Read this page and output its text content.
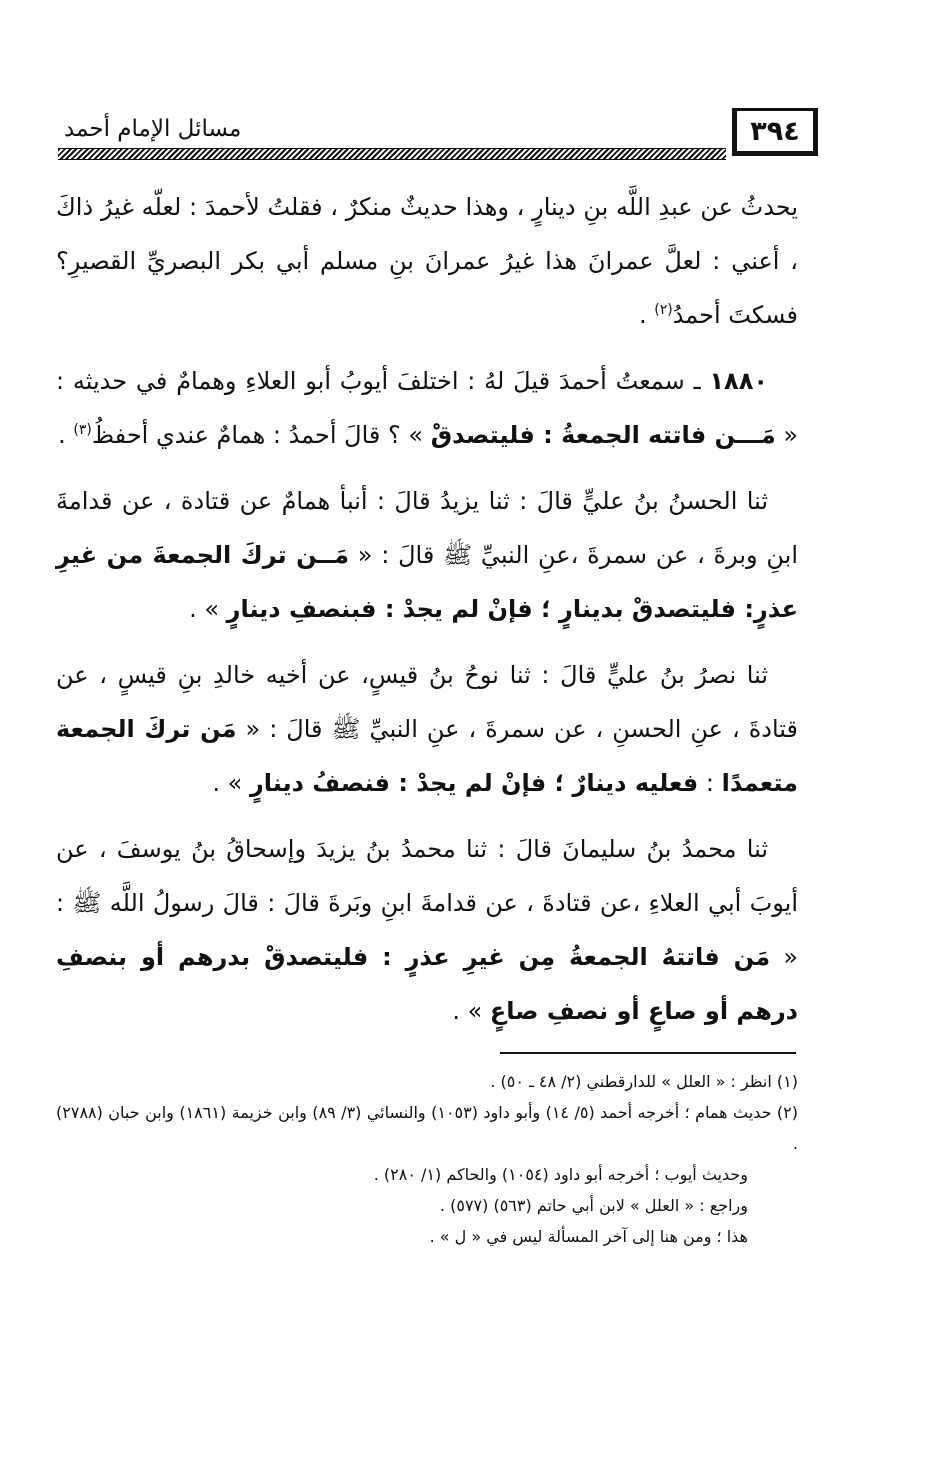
٣٩٤
مسائل الإمام أحمد

يحدثُ عن عبدِ اللَّه بنِ دينارٍ ، وهذا حديثٌ منكرٌ ، فقلتُ لأحمدَ : لعلّه غيرُ ذاكَ ، أعني : لعلَّ عمرانَ هذا غيرُ عمرانَ بنِ مسلم أبي بكر البصريِّ القصيرِ؟ فسكتَ أحمدُ$^{(٢)}$ .

١٨٨٠ ـ سمعتُ أحمدَ قيلَ لهُ : اختلفَ أيوبُ أبو العلاءِ وهمامٌ في حديثه : « مَـــن فاتته الجمعةُ : فليتصدقْ » ؟ قالَ أحمدُ : همامٌ عندي أحفظُ$^{(٣)}$ .

ثنا الحسنُ بنُ عليٍّ قالَ : ثنا يزيدُ قالَ : أنبأ همامٌ عن قتادة ، عن قدامةَ ابنِ وبرةَ ، عن سمرةَ ،عنِ النبيِّ ﷺ قالَ : « مَــن تركَ الجمعةَ من غيرِ عذرٍ: فليتصدقْ بدينارٍ ؛ فإنْ لم يجدْ : فبنصفِ دينارٍ » .

ثنا نصرُ بنُ عليٍّ قالَ : ثنا نوحُ بنُ قيسٍ، عن أخيه خالدِ بنِ قيسٍ ، عن قتادةَ ، عنِ الحسنِ ، عن سمرةَ ، عنِ النبيِّ ﷺ قالَ : « مَن تركَ الجمعة متعمدًا : فعليه دينارٌ ؛ فإنْ لم يجدْ : فنصفُ دينارٍ » .

ثنا محمدُ بنُ سليمانَ قالَ : ثنا محمدُ بنُ يزيدَ وإسحاقُ بنُ يوسفَ ، عن أيوبَ أبي العلاءِ ،عن قتادةَ ، عن قدامةَ ابنِ وبَرةَ قالَ : قالَ رسولُ اللَّه ﷺ : « مَن فاتتهُ الجمعةُ مِن غيرِ عذرٍ : فليتصدقْ بدرهم أو بنصفِ درهم أو صاعٍ أو نصفِ صاعٍ » .

(١) انظر : « العلل » للدارقطني (٢/ ٤٨ ـ ٥٠) .

(٢) حديث همام ؛ أخرجه أحمد (٥/ ١٤) وأبو داود (١٠٥٣) والنسائي (٣/ ٨٩) وابن خزيمة (١٨٦١) وابن حبان (٢٧٨٨) .

وحديث أيوب ؛ أخرجه أبو داود (١٠٥٤) والحاكم (١/ ٢٨٠) .

وراجع : « العلل » لابن أبي حاتم (٥٦٣) (٥٧٧) .

هذا ؛ ومن هنا إلى آخر المسألة ليس في « ل » .
